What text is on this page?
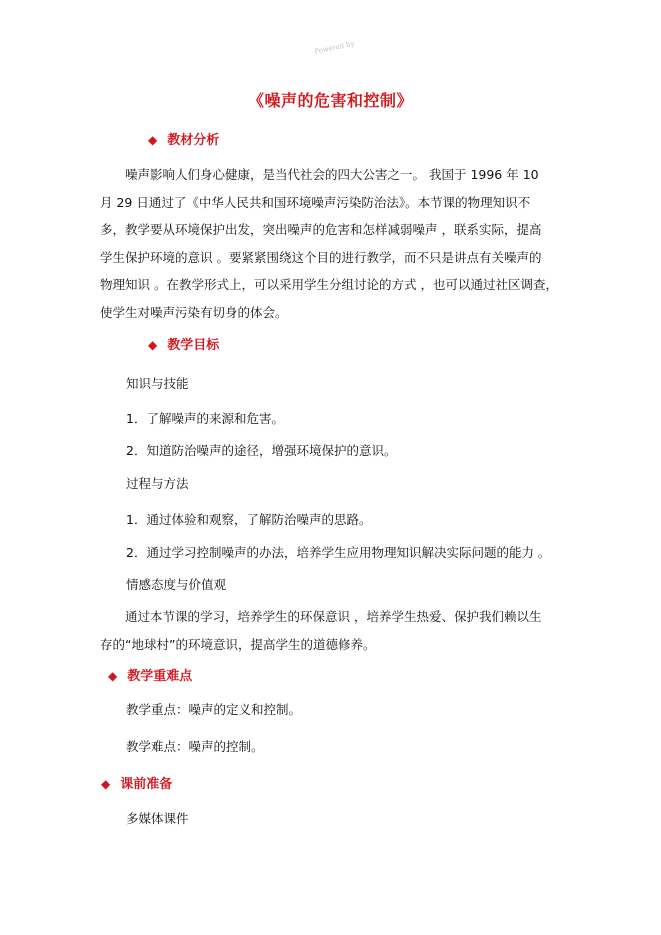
Powered by
《噪声的危害和控制》
◆ 教材分析
噪声影响人们身心健康，是当代社会的四大公害之一。 我国于 1996 年 10
月 29 日通过了《中华人民共和国环境噪声污染防治法》。本节课的物理知识不
多，教学要从环境保护出发，突出噪声的危害和怎样减弱噪声 ，联系实际，提高
学生保护环境的意识 。要紧紧围绕这个目的进行教学，而不只是讲点有关噪声的
物理知识 。在教学形式上，可以采用学生分组讨论的方式 ，也可以通过社区调查，
使学生对噪声污染有切身的体会。
◆ 教学目标
知识与技能
1．了解噪声的来源和危害。
2．知道防治噪声的途径，增强环境保护的意识。
过程与方法
1．通过体验和观察，了解防治噪声的思路。
2．通过学习控制噪声的办法，培养学生应用物理知识解决实际问题的能力 。
情感态度与价值观
通过本节课的学习，培养学生的环保意识 ，培养学生热爱、保护我们赖以生
存的“地球村”的环境意识，提高学生的道德修养。
◆ 教学重难点
教学重点：噪声的定义和控制。
教学难点：噪声的控制。
◆ 课前准备
多媒体课件
